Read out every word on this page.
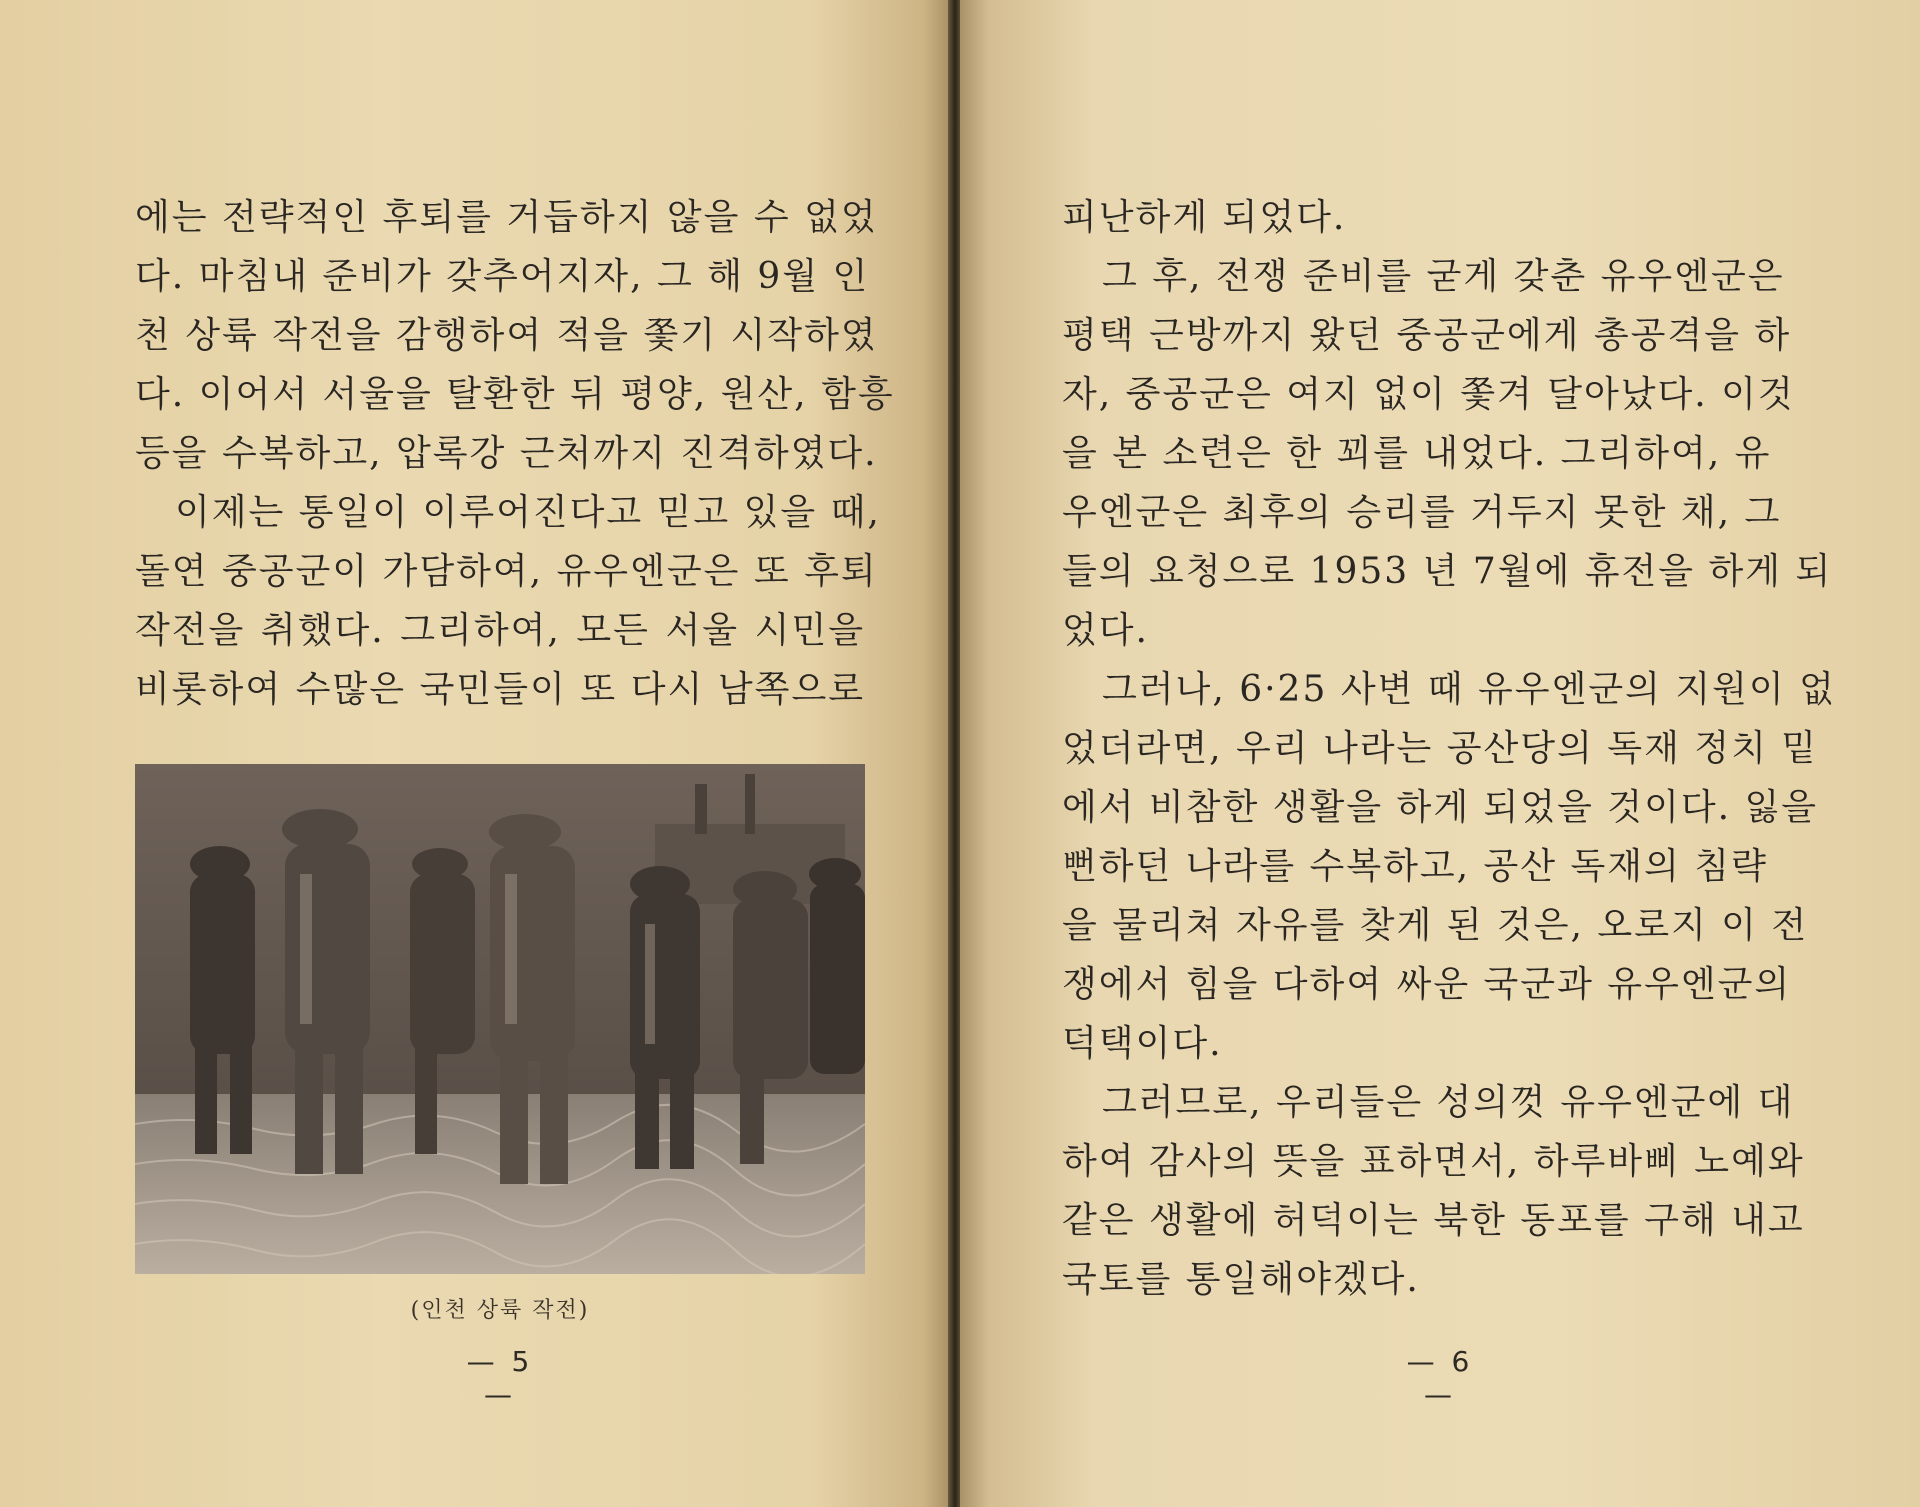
에는 전략적인 후퇴를 거듭하지 않을 수 없었
다. 마침내 준비가 갖추어지자, 그 해 9월 인
천 상륙 작전을 감행하여 적을 쫓기 시작하였
다. 이어서 서울을 탈환한 뒤 평양, 원산, 함흥
등을 수복하고, 압록강 근처까지 진격하였다.
이제는 통일이 이루어진다고 믿고 있을 때,
돌연 중공군이 가담하여, 유우엔군은 또 후퇴
작전을 취했다. 그리하여, 모든 서울 시민을
비롯하여 수많은 국민들이 또 다시 남쪽으로
(인천 상륙 작전)
— 5 —
피난하게 되었다.
그 후, 전쟁 준비를 굳게 갖춘 유우엔군은
평택 근방까지 왔던 중공군에게 총공격을 하
자, 중공군은 여지 없이 쫓겨 달아났다. 이것
을 본 소련은 한 꾀를 내었다. 그리하여, 유
우엔군은 최후의 승리를 거두지 못한 채, 그
들의 요청으로 1953 년 7월에 휴전을 하게 되
었다.
그러나, 6·25 사변 때 유우엔군의 지원이 없
었더라면, 우리 나라는 공산당의 독재 정치 밑
에서 비참한 생활을 하게 되었을 것이다. 잃을
뻔하던 나라를 수복하고, 공산 독재의 침략
을 물리쳐 자유를 찾게 된 것은, 오로지 이 전
쟁에서 힘을 다하여 싸운 국군과 유우엔군의
덕택이다.
그러므로, 우리들은 성의껏 유우엔군에 대
하여 감사의 뜻을 표하면서, 하루바삐 노예와
같은 생활에 허덕이는 북한 동포를 구해 내고
국토를 통일해야겠다.
— 6 —
